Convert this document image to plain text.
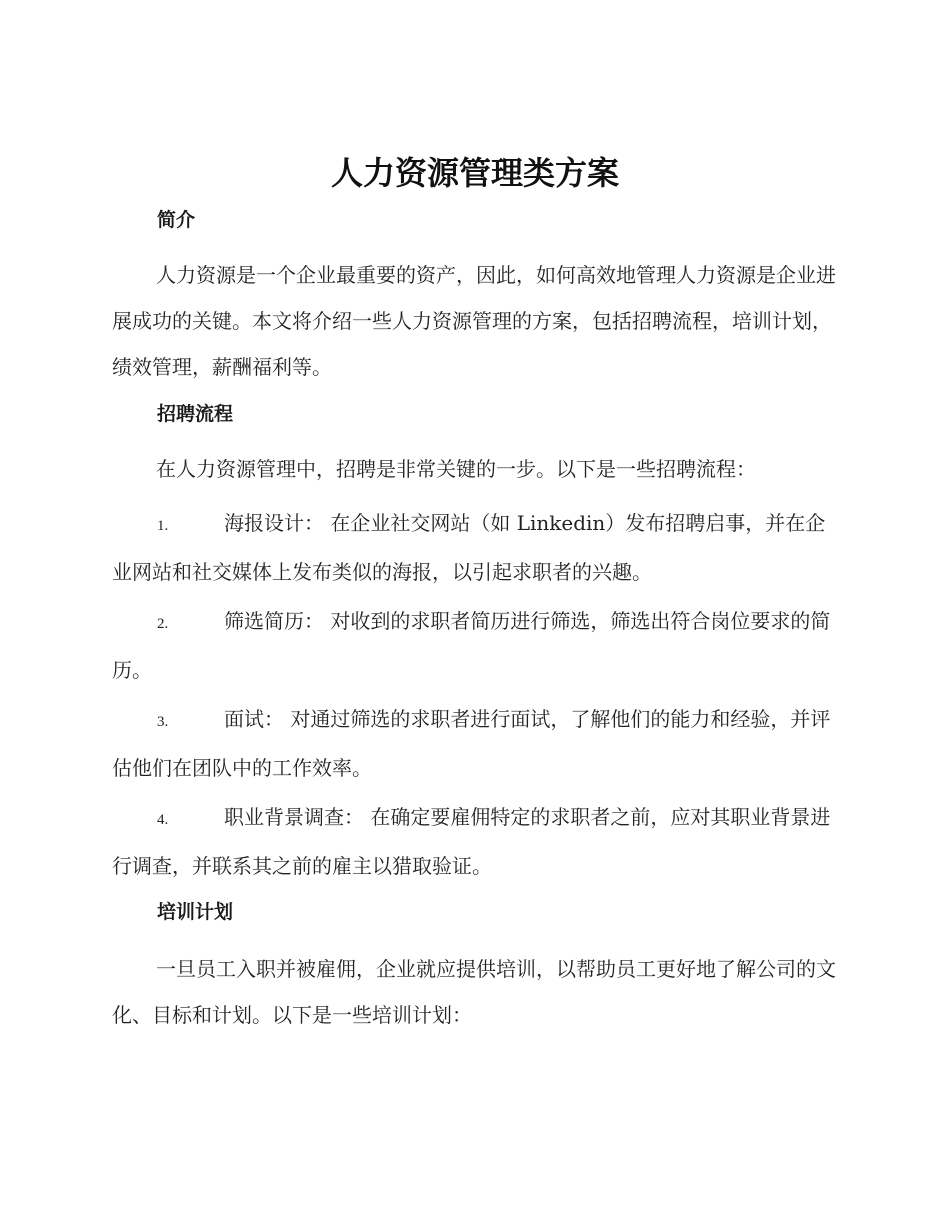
人力资源管理类方案
简介

人力资源是一个企业最重要的资产，因此，如何高效地管理人力资源是企业进展成功的关键。本文将介绍一些人力资源管理的方案，包括招聘流程，培训计划，绩效管理，薪酬福利等。

招聘流程

在人力资源管理中，招聘是非常关键的一步。以下是一些招聘流程：

1.	海报设计： 在企业社交网站（如 Linkedin）发布招聘启事，并在企业网站和社交媒体上发布类似的海报，以引起求职者的兴趣。

2.	筛选简历： 对收到的求职者简历进行筛选，筛选出符合岗位要求的简历。

3.	面试： 对通过筛选的求职者进行面试，了解他们的能力和经验，并评估他们在团队中的工作效率。

4.	职业背景调查： 在确定要雇佣特定的求职者之前，应对其职业背景进行调查，并联系其之前的雇主以猎取验证。

培训计划

一旦员工入职并被雇佣，企业就应提供培训，以帮助员工更好地了解公司的文化、目标和计划。以下是一些培训计划：
